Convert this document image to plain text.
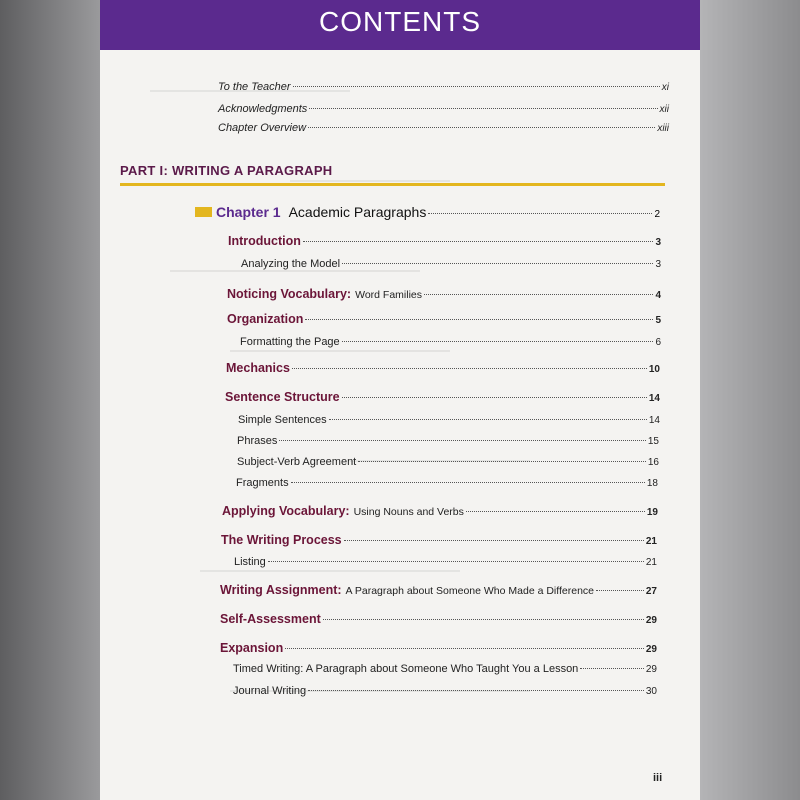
CONTENTS
To the Teacher	xi
Acknowledgments	xii
Chapter Overview	xiii
PART I: WRITING A PARAGRAPH
Chapter 1 Academic Paragraphs	2
Introduction	3
Analyzing the Model	3
Noticing Vocabulary: Word Families	4
Organization	5
Formatting the Page	6
Mechanics	10
Sentence Structure	14
Simple Sentences	14
Phrases	15
Subject-Verb Agreement	16
Fragments	18
Applying Vocabulary: Using Nouns and Verbs	19
The Writing Process	21
Listing	21
Writing Assignment: A Paragraph about Someone Who Made a Difference	27
Self-Assessment	29
Expansion	29
Timed Writing: A Paragraph about Someone Who Taught You a Lesson	29
Journal Writing	30
iii
